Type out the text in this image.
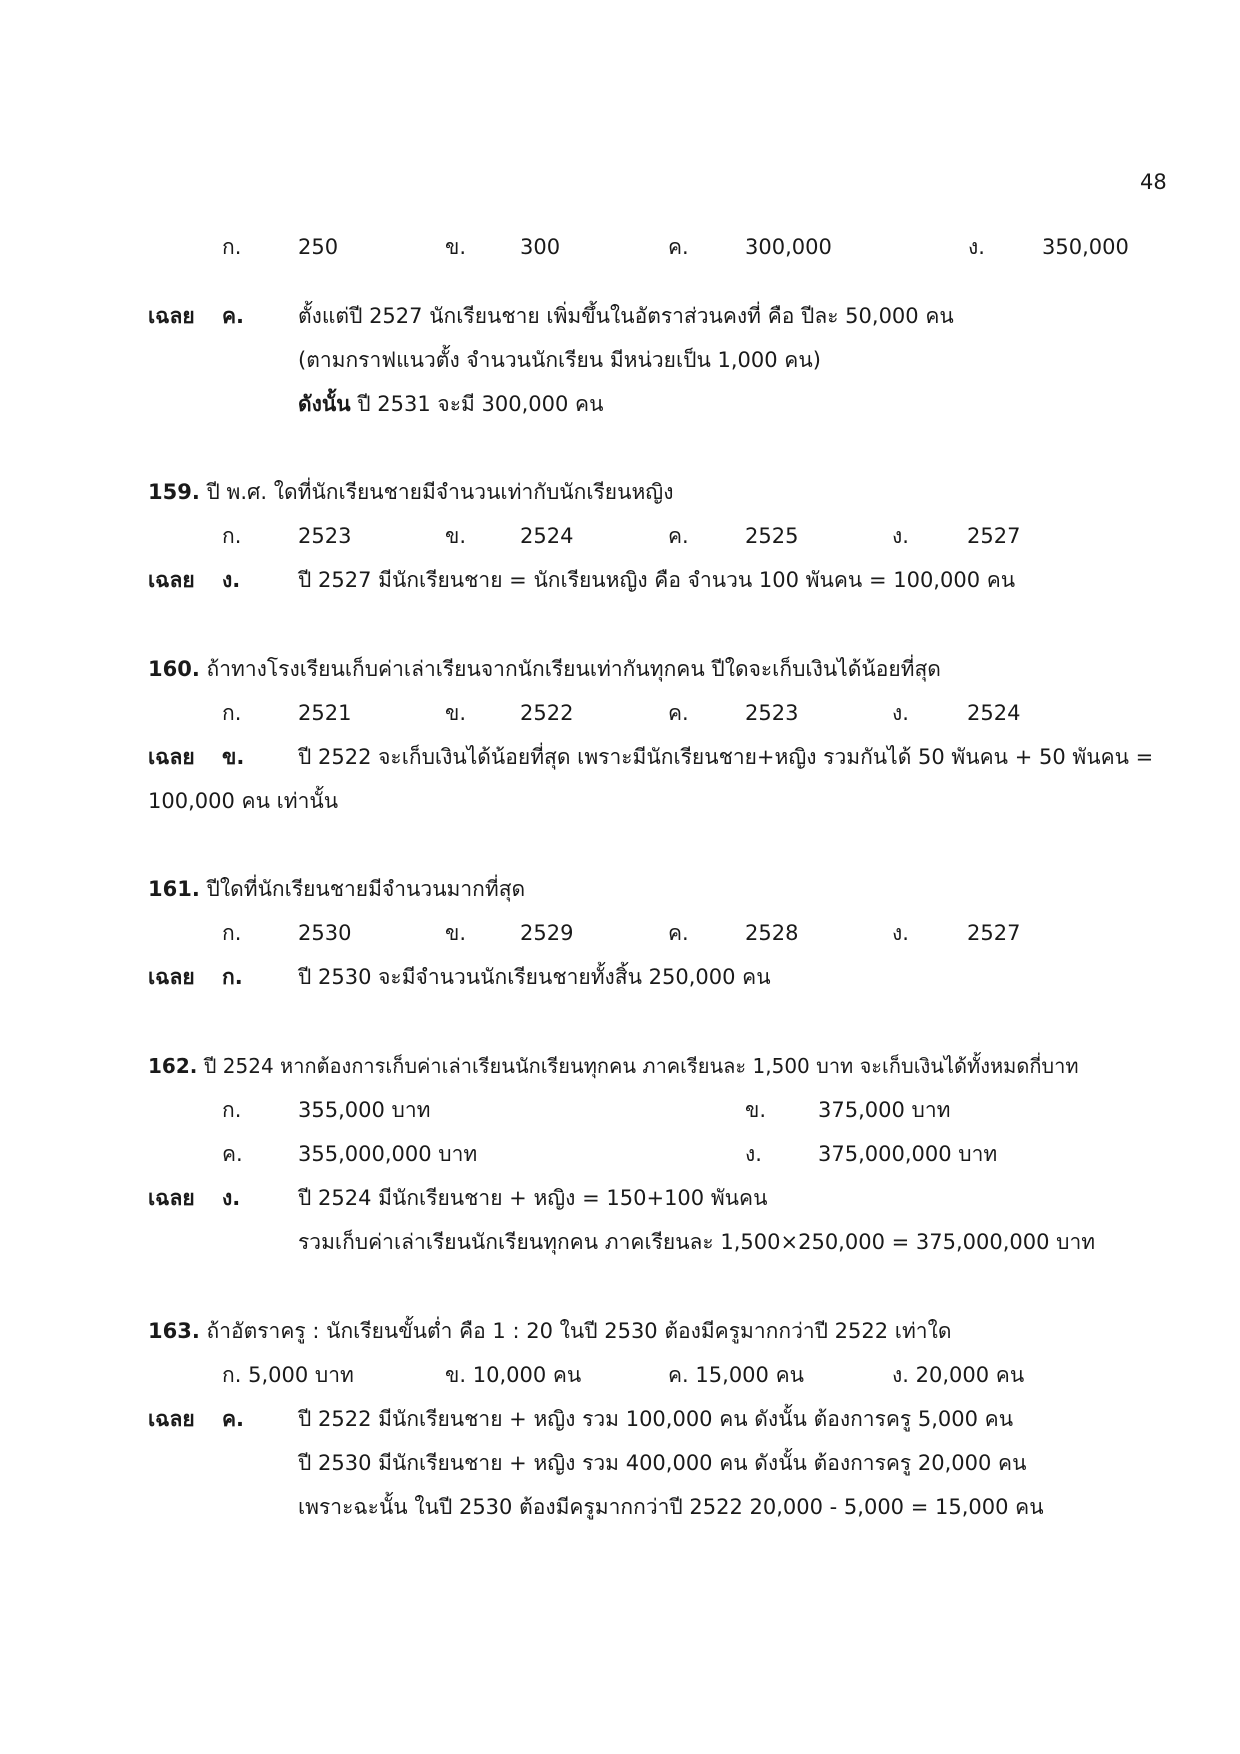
48
ก.	250	ข.	300	ค.	300,000	ง.	350,000
เฉลย ค.	ตั้งแต่ปี 2527 นักเรียนชาย เพิ่มขึ้นในอัตราส่วนคงที่ คือ ปีละ 50,000 คน
(ตามกราฟแนวตั้ง จำนวนนักเรียน มีหน่วยเป็น 1,000 คน)
ดังนั้น ปี 2531 จะมี 300,000 คน
159. ปี พ.ศ. ใดที่นักเรียนชายมีจำนวนเท่ากับนักเรียนหญิง
ก.	2523	ข.	2524	ค.	2525	ง.	2527
เฉลย ง.	ปี 2527 มีนักเรียนชาย = นักเรียนหญิง คือ จำนวน 100 พันคน = 100,000 คน
160. ถ้าทางโรงเรียนเก็บค่าเล่าเรียนจากนักเรียนเท่ากันทุกคน ปีใดจะเก็บเงินได้น้อยที่สุด
ก.	2521	ข.	2522	ค.	2523	ง.	2524
เฉลย ข.	ปี 2522 จะเก็บเงินได้น้อยที่สุด เพราะมีนักเรียนชาย+หญิง รวมกันได้ 50 พันคน + 50 พันคน =
100,000 คน เท่านั้น
161. ปีใดที่นักเรียนชายมีจำนวนมากที่สุด
ก.	2530	ข.	2529	ค.	2528	ง.	2527
เฉลย ก.	ปี 2530 จะมีจำนวนนักเรียนชายทั้งสิ้น 250,000 คน
162. ปี 2524 หากต้องการเก็บค่าเล่าเรียนนักเรียนทุกคน ภาคเรียนละ 1,500 บาท จะเก็บเงินได้ทั้งหมดกี่บาท
ก.	355,000 บาท	ข. 375,000 บาท
ค.	355,000,000 บาท	ง.	375,000,000 บาท
เฉลย ง.	ปี 2524 มีนักเรียนชาย + หญิง = 150+100 พันคน
รวมเก็บค่าเล่าเรียนนักเรียนทุกคน ภาคเรียนละ 1,500×250,000 = 375,000,000 บาท
163. ถ้าอัตราครู : นักเรียนขั้นต่ำ คือ 1 : 20 ในปี 2530 ต้องมีครูมากกว่าปี 2522 เท่าใด
ก. 5,000 บาท	ข. 10,000 คน	ค. 15,000 คน	ง. 20,000 คน
เฉลย ค.	ปี 2522 มีนักเรียนชาย + หญิง รวม 100,000 คน ดังนั้น ต้องการครู 5,000 คน
ปี 2530 มีนักเรียนชาย + หญิง รวม 400,000 คน ดังนั้น ต้องการครู 20,000 คน
เพราะฉะนั้น ในปี 2530 ต้องมีครูมากกว่าปี 2522 20,000 - 5,000 = 15,000 คน
